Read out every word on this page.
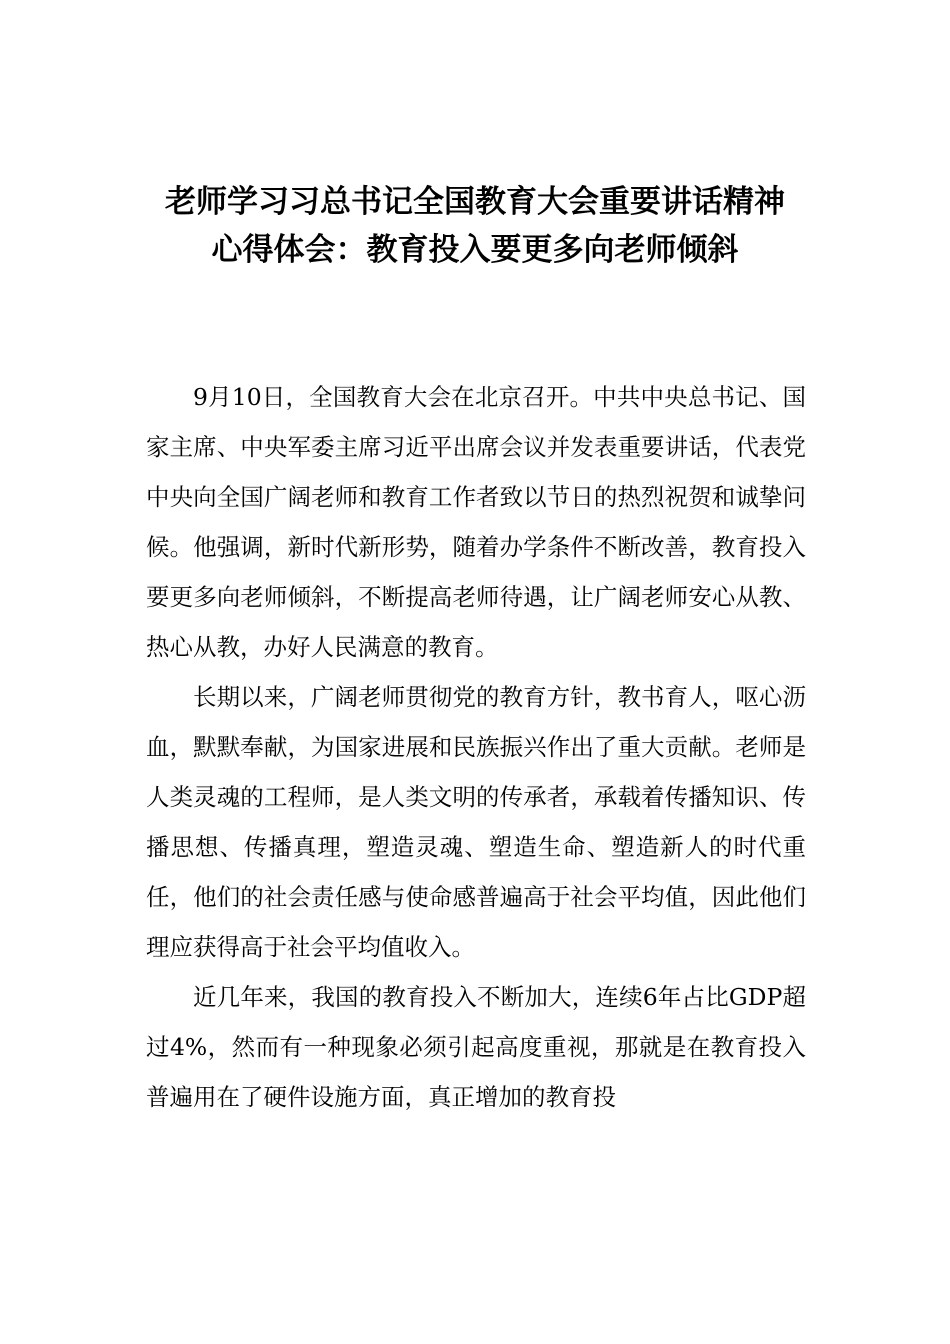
老师学习习总书记全国教育大会重要讲话精神心得体会：教育投入要更多向老师倾斜

9月10日，全国教育大会在北京召开。中共中央总书记、国家主席、中央军委主席习近平出席会议并发表重要讲话，代表党中央向全国广阔老师和教育工作者致以节日的热烈祝贺和诚挚问候。他强调，新时代新形势，随着办学条件不断改善，教育投入要更多向老师倾斜，不断提高老师待遇，让广阔老师安心从教、热心从教，办好人民满意的教育。

长期以来，广阔老师贯彻党的教育方针，教书育人，呕心沥血，默默奉献，为国家进展和民族振兴作出了重大贡献。老师是人类灵魂的工程师，是人类文明的传承者，承载着传播知识、传播思想、传播真理，塑造灵魂、塑造生命、塑造新人的时代重任，他们的社会责任感与使命感普遍高于社会平均值，因此他们理应获得高于社会平均值收入。

近几年来，我国的教育投入不断加大，连续6年占比GDP超过4%，然而有一种现象必须引起高度重视，那就是在教育投入普遍用在了硬件设施方面，真正增加的教育投
